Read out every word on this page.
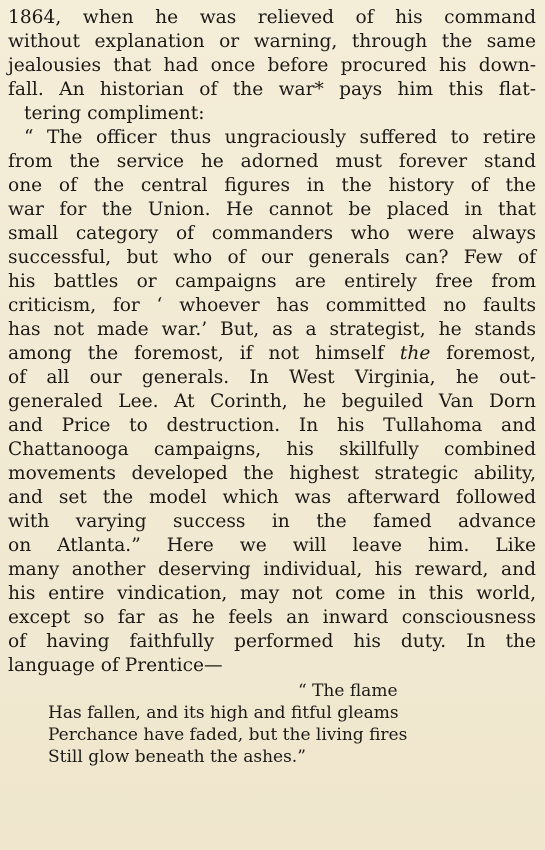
1864, when he was relieved of his command
without explanation or warning, through the same
jealousies that had once before procured his down-
fall. An historian of the war* pays him this flat-
tering compliment:
“ The officer thus ungraciously suffered to retire
from the service he adorned must forever stand
one of the central figures in the history of the
war for the Union. He cannot be placed in that
small category of commanders who were always
successful, but who of our generals can? Few of
his battles or campaigns are entirely free from
criticism, for ‘ whoever has committed no faults
has not made war.’ But, as a strategist, he stands
among the foremost, if not himself the foremost,
of all our generals. In West Virginia, he out-
generaled Lee. At Corinth, he beguiled Van Dorn
and Price to destruction. In his Tullahoma and
Chattanooga campaigns, his skillfully combined
movements developed the highest strategic ability,
and set the model which was afterward followed
with varying success in the famed advance
on Atlanta.” Here we will leave him. Like
many another deserving individual, his reward, and
his entire vindication, may not come in this world,
except so far as he feels an inward consciousness
of having faithfully performed his duty. In the
language of Prentice—
“ The flame
Has fallen, and its high and fitful gleams
Perchance have faded, but the living fires
Still glow beneath the ashes.”
